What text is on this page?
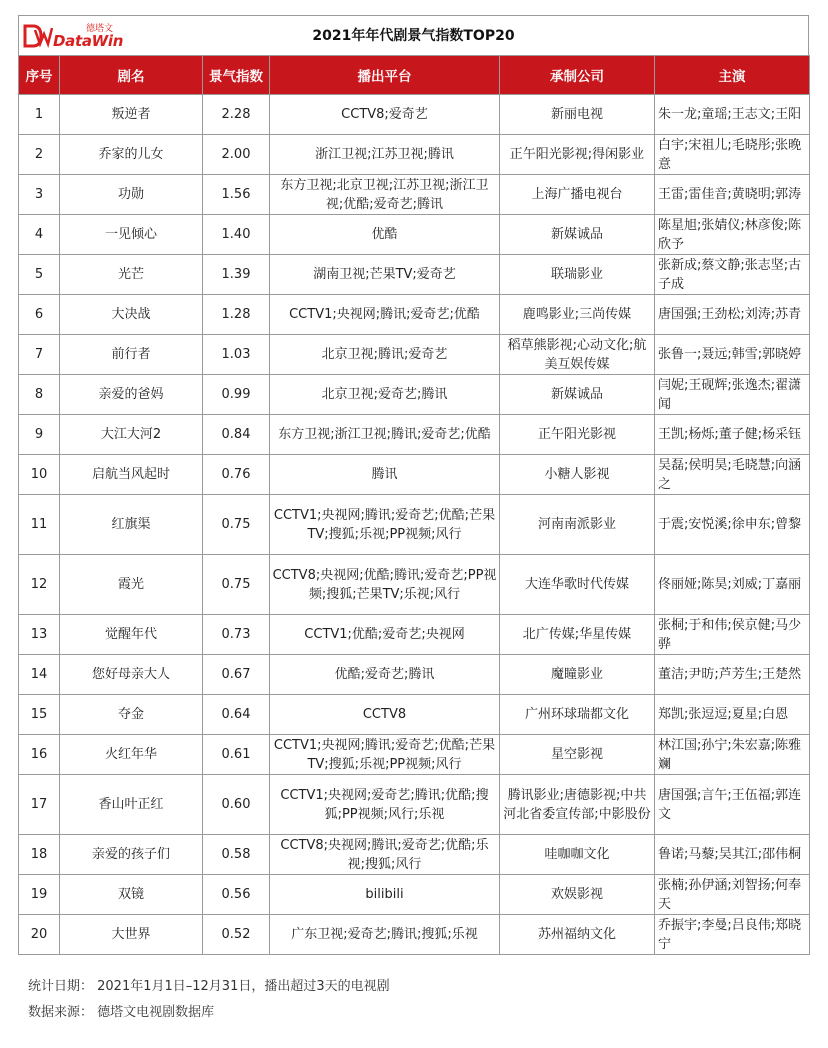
德塔文
DataWin	2021年年代剧景气指数TOP20
序号	剧名	景气指数	播出平台	承制公司	主演
1	叛逆者	2.28	CCTV8;爱奇艺	新丽电视	朱一龙;童瑶;王志文;王阳
2	乔家的儿女	2.00	浙江卫视;江苏卫视;腾讯	正午阳光影视;得闲影业	白宇;宋祖儿;毛晓彤;张晚意
3	功勋	1.56	东方卫视;北京卫视;江苏卫视;浙江卫视;优酷;爱奇艺;腾讯	上海广播电视台	王雷;雷佳音;黄晓明;郭涛
4	一见倾心	1.40	优酷	新媒诚品	陈星旭;张婧仪;林彦俊;陈欣予
5	光芒	1.39	湖南卫视;芒果TV;爱奇艺	联瑞影业	张新成;蔡文静;张志坚;古子成
6	大决战	1.28	CCTV1;央视网;腾讯;爱奇艺;优酷	鹿鸣影业;三尚传媒	唐国强;王劲松;刘涛;苏青
7	前行者	1.03	北京卫视;腾讯;爱奇艺	稻草熊影视;心动文化;航美互娱传媒	张鲁一;聂远;韩雪;郭晓婷
8	亲爱的爸妈	0.99	北京卫视;爱奇艺;腾讯	新媒诚品	闫妮;王砚辉;张逸杰;翟潇闻
9	大江大河2	0.84	东方卫视;浙江卫视;腾讯;爱奇艺;优酷	正午阳光影视	王凯;杨烁;董子健;杨采钰
10	启航当风起时	0.76	腾讯	小糖人影视	吴磊;侯明昊;毛晓慧;向涵之
11	红旗渠	0.75	CCTV1;央视网;腾讯;爱奇艺;优酷;芒果TV;搜狐;乐视;PP视频;风行	河南南派影业	于震;安悦溪;徐申东;曾黎
12	霞光	0.75	CCTV8;央视网;优酷;腾讯;爱奇艺;PP视频;搜狐;芒果TV;乐视;风行	大连华歌时代传媒	佟丽娅;陈昊;刘威;丁嘉丽
13	觉醒年代	0.73	CCTV1;优酷;爱奇艺;央视网	北广传媒;华星传媒	张桐;于和伟;侯京健;马少骅
14	您好母亲大人	0.67	优酷;爱奇艺;腾讯	魔瞳影业	董洁;尹昉;芦芳生;王楚然
15	夺金	0.64	CCTV8	广州环球瑞都文化	郑凯;张逗逗;夏星;白恩
16	火红年华	0.61	CCTV1;央视网;腾讯;爱奇艺;优酷;芒果TV;搜狐;乐视;PP视频;风行	星空影视	林江国;孙宁;朱宏嘉;陈雅斓
17	香山叶正红	0.60	CCTV1;央视网;爱奇艺;腾讯;优酷;搜狐;PP视频;风行;乐视	腾讯影业;唐德影视;中共河北省委宣传部;中影股份	唐国强;言午;王伍福;郭连文
18	亲爱的孩子们	0.58	CCTV8;央视网;腾讯;爱奇艺;优酷;乐视;搜狐;风行	哇咖咖文化	鲁诺;马藜;吴其江;邵伟桐
19	双镜	0.56	bilibili	欢娱影视	张楠;孙伊涵;刘智扬;何奉天
20	大世界	0.52	广东卫视;爱奇艺;腾讯;搜狐;乐视	苏州福纳文化	乔振宇;李曼;吕良伟;郑晓宁
统计日期： 2021年1月1日–12月31日，播出超过3天的电视剧
数据来源： 德塔文电视剧数据库
